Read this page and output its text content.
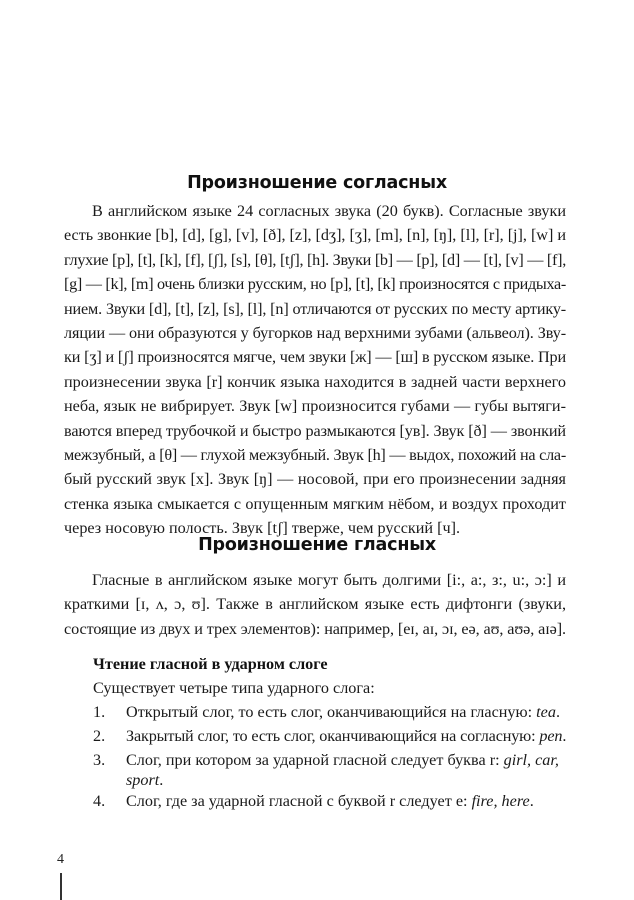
Произношение согласных
В английском языке 24 согласных звука (20 букв). Согласные звуки
есть звонкие [b], [d], [g], [v], [ð], [z], [dʒ], [ʒ], [m], [n], [ŋ], [l], [r], [j], [w] и
глухие [p], [t], [k], [f], [ʃ], [s], [θ], [tʃ], [h]. Звуки [b] — [p], [d] — [t], [v] — [f],
[g] — [k], [m] очень близки русским, но [p], [t], [k] произносятся с придыха-
нием. Звуки [d], [t], [z], [s], [l], [n] отличаются от русских по месту артику-
ляции — они образуются у бугорков над верхними зубами (альвеол). Зву-
ки [ʒ] и [ʃ] произносятся мягче, чем звуки [ж] — [ш] в русском языке. При
произнесении звука [r] кончик языка находится в задней части верхнего
неба, язык не вибрирует. Звук [w] произносится губами — губы вытяги-
ваются вперед трубочкой и быстро размыкаются [ув]. Звук [ð] — звонкий
межзубный, а [θ] — глухой межзубный. Звук [h] — выдох, похожий на сла-
бый русский звук [х]. Звук [ŋ] — носовой, при его произнесении задняя
стенка языка смыкается с опущенным мягким нёбом, и воздух проходит
через носовую полость. Звук [tʃ] тверже, чем русский [ч].
Произношение гласных
Гласные в английском языке могут быть долгими [i:, a:, з:, u:, ɔ:] и
краткими [ɪ, ʌ, ɔ, ʊ]. Также в английском языке есть дифтонги (звуки,
состоящие из двух и трех элементов): например, [eɪ, aɪ, ɔɪ, eə, aʊ, aʊə, aɪə].
Чтение гласной в ударном слоге
Существует четыре типа ударного слога:
1. Открытый слог, то есть слог, оканчивающийся на гласную: tea.
2. Закрытый слог, то есть слог, оканчивающийся на согласную: pen.
3. Слог, при котором за ударной гласной следует буква r: girl, car,
sport.
4. Слог, где за ударной гласной с буквой r следует e: fire, here.
4
